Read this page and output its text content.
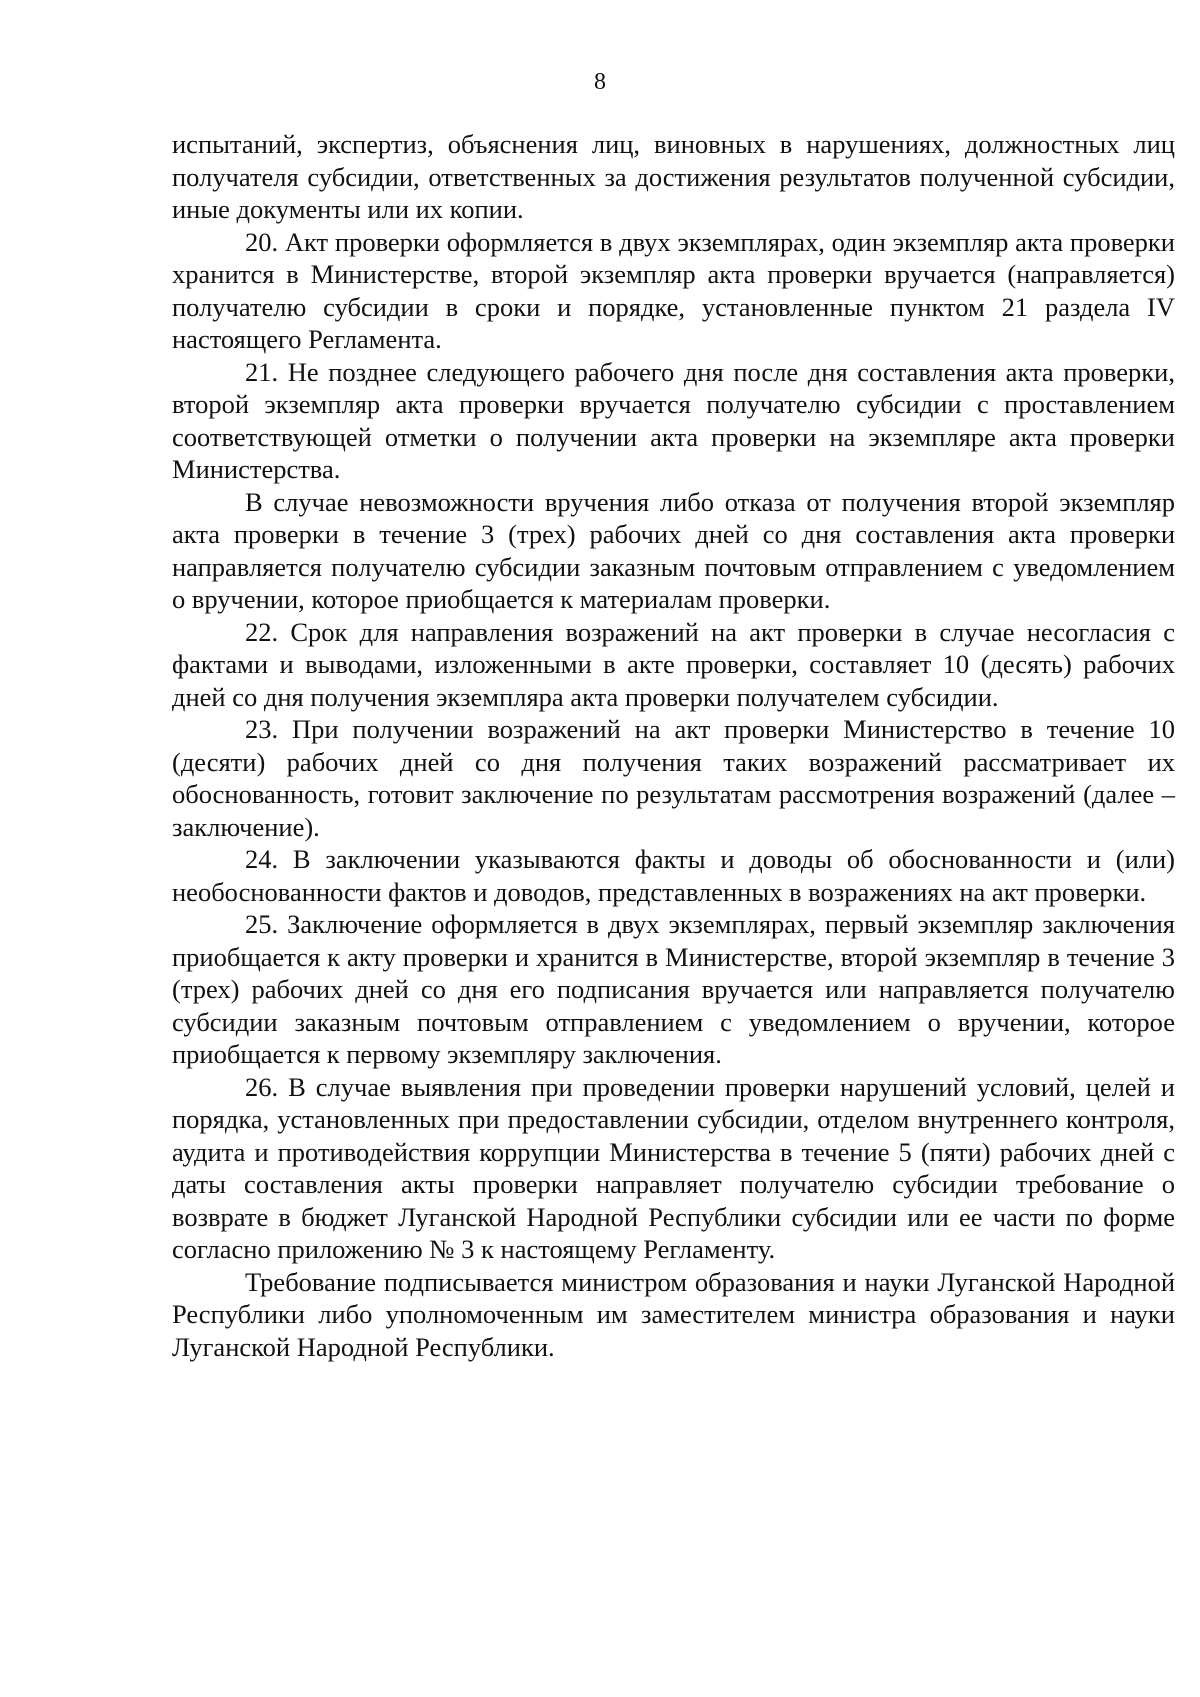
8

испытаний, экспертиз, объяснения лиц, виновных в нарушениях, должностных лиц получателя субсидии, ответственных за достижения результатов полученной субсидии, иные документы или их копии.

20. Акт проверки оформляется в двух экземплярах, один экземпляр акта проверки хранится в Министерстве, второй экземпляр акта проверки вручается (направляется) получателю субсидии в сроки и порядке, установленные пунктом 21 раздела IV настоящего Регламента.

21. Не позднее следующего рабочего дня после дня составления акта проверки, второй экземпляр акта проверки вручается получателю субсидии с проставлением соответствующей отметки о получении акта проверки на экземпляре акта проверки Министерства.

В случае невозможности вручения либо отказа от получения второй экземпляр акта проверки в течение 3 (трех) рабочих дней со дня составления акта проверки направляется получателю субсидии заказным почтовым отправлением с уведомлением о вручении, которое приобщается к материалам проверки.

22. Срок для направления возражений на акт проверки в случае несогласия с фактами и выводами, изложенными в акте проверки, составляет 10 (десять) рабочих дней со дня получения экземпляра акта проверки получателем субсидии.

23. При получении возражений на акт проверки Министерство в течение 10 (десяти) рабочих дней со дня получения таких возражений рассматривает их обоснованность, готовит заключение по результатам рассмотрения возражений (далее – заключение).

24. В заключении указываются факты и доводы об обоснованности и (или) необоснованности фактов и доводов, представленных в возражениях на акт проверки.

25. Заключение оформляется в двух экземплярах, первый экземпляр заключения приобщается к акту проверки и хранится в Министерстве, второй экземпляр в течение 3 (трех) рабочих дней со дня его подписания вручается или направляется получателю субсидии заказным почтовым отправлением с уведомлением о вручении, которое приобщается к первому экземпляру заключения.

26. В случае выявления при проведении проверки нарушений условий, целей и порядка, установленных при предоставлении субсидии, отделом внутреннего контроля, аудита и противодействия коррупции Министерства в течение 5 (пяти) рабочих дней с даты составления акты проверки направляет получателю субсидии требование о возврате в бюджет Луганской Народной Республики субсидии или ее части по форме согласно приложению № 3 к настоящему Регламенту.

Требование подписывается министром образования и науки Луганской Народной Республики либо уполномоченным им заместителем министра образования и науки Луганской Народной Республики.
